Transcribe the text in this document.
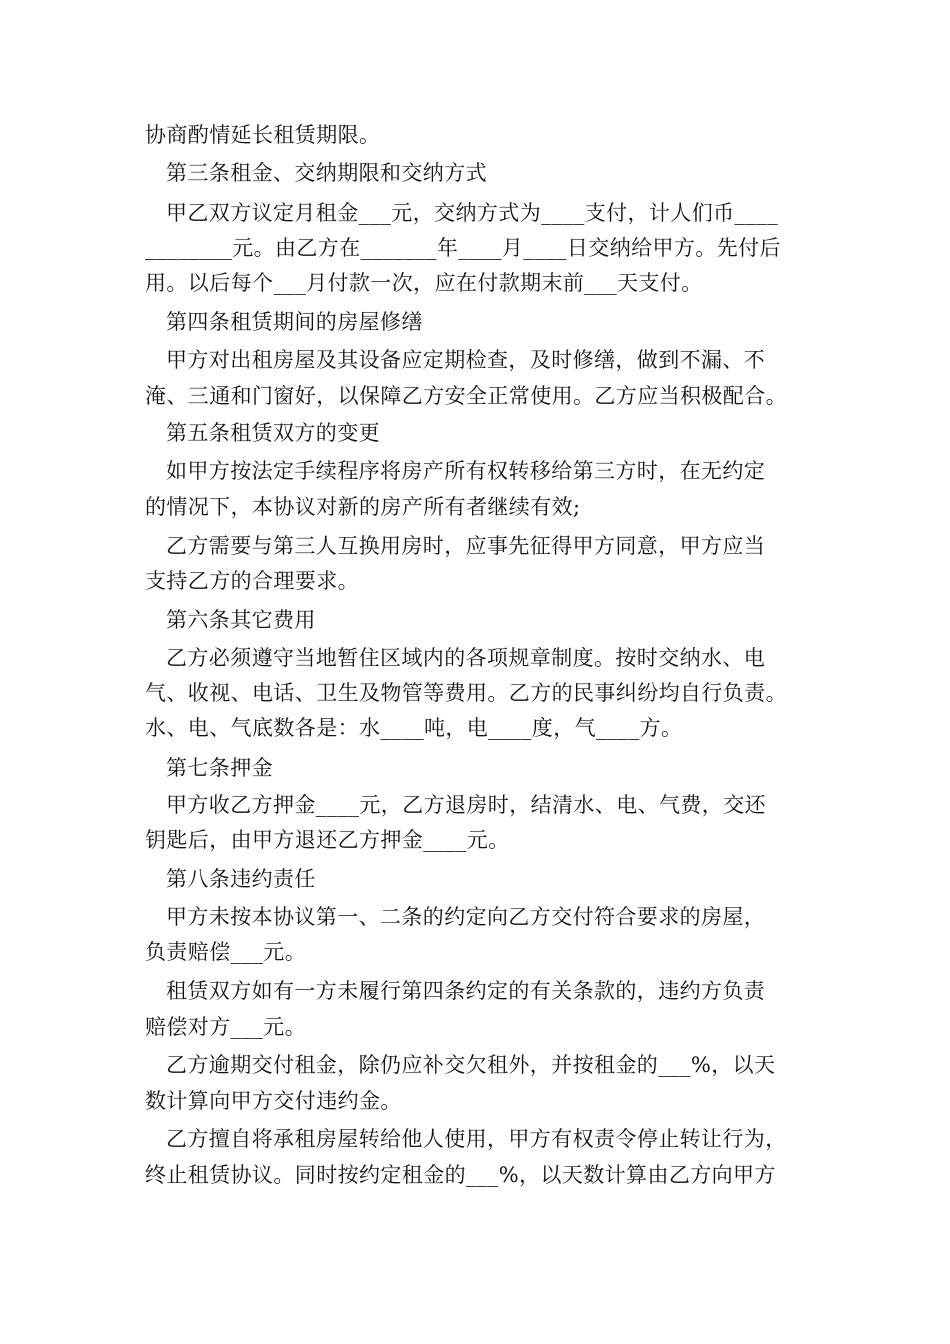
协商酌情延长租赁期限。
第三条租金、交纳期限和交纳方式
甲乙双方议定月租金___元，交纳方式为____支付，计人们币____
________元。由乙方在_______年____月____日交纳给甲方。先付后
用。以后每个___月付款一次，应在付款期末前___天支付。
第四条租赁期间的房屋修缮
甲方对出租房屋及其设备应定期检查，及时修缮，做到不漏、不
淹、三通和门窗好，以保障乙方安全正常使用。乙方应当积极配合。
第五条租赁双方的变更
如甲方按法定手续程序将房产所有权转移给第三方时，在无约定
的情况下，本协议对新的房产所有者继续有效;
乙方需要与第三人互换用房时，应事先征得甲方同意，甲方应当
支持乙方的合理要求。
第六条其它费用
乙方必须遵守当地暂住区域内的各项规章制度。按时交纳水、电
气、收视、电话、卫生及物管等费用。乙方的民事纠纷均自行负责。
水、电、气底数各是：水____吨，电____度，气____方。
第七条押金
甲方收乙方押金____元，乙方退房时，结清水、电、气费，交还
钥匙后，由甲方退还乙方押金____元。
第八条违约责任
甲方未按本协议第一、二条的约定向乙方交付符合要求的房屋，
负责赔偿___元。
租赁双方如有一方未履行第四条约定的有关条款的，违约方负责
赔偿对方___元。
乙方逾期交付租金，除仍应补交欠租外，并按租金的___%，以天
数计算向甲方交付违约金。
乙方擅自将承租房屋转给他人使用，甲方有权责令停止转让行为，
终止租赁协议。同时按约定租金的___%，以天数计算由乙方向甲方
